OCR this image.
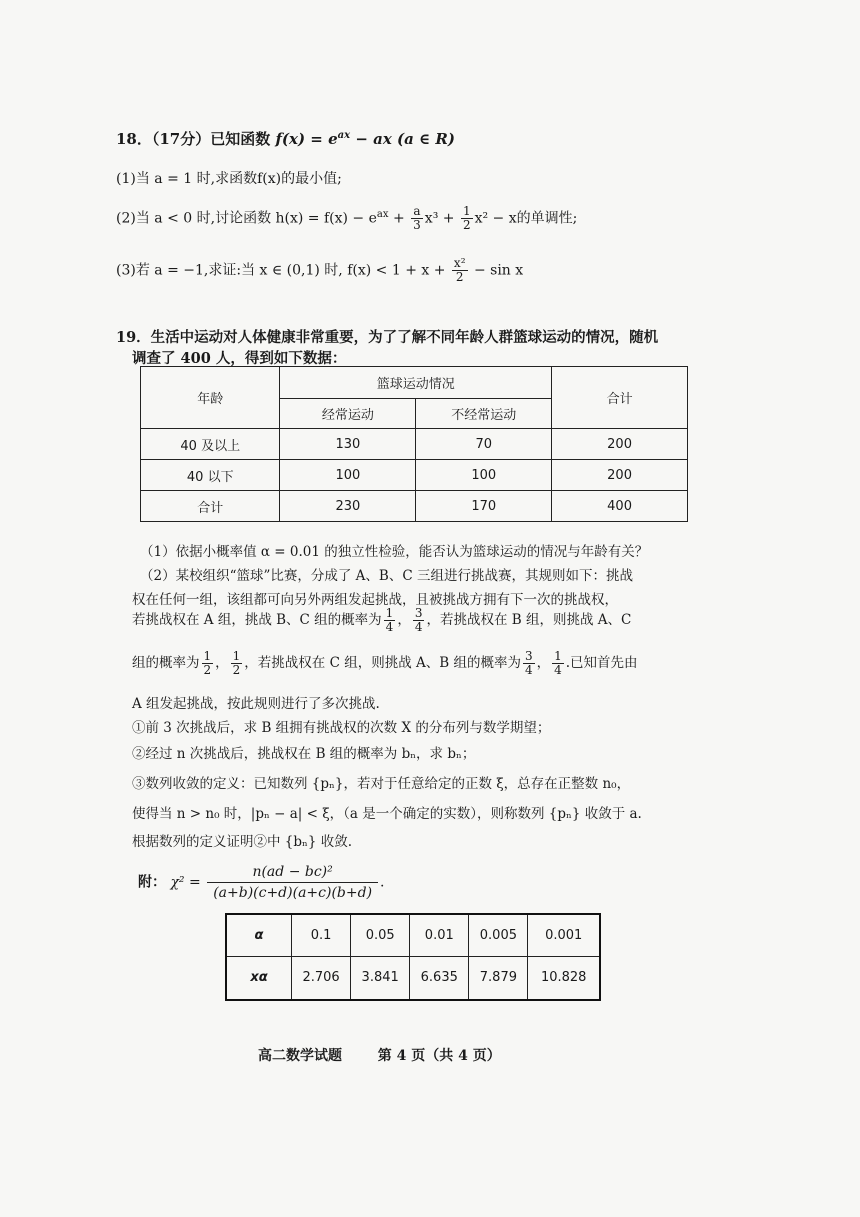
18．（17分）已知函数 $f(x) = e^{ax}$ − ax (a ∈ R)
(1)当 a = 1 时,求函数f(x)的最小值;
(2)当 a < 0 时,讨论函数 $h(x) = f(x) - e^{ax} + \frac{a}{3} x^3 + \frac{1}{2} x^2 - x$的单调性;
(3)若 a = −1,求证:当 x ∈ (0,1) 时, $f(x) < 1 + x + \frac{\text{x²}}{2} - \sin x$
19．生活中运动对人体健康非常重要，为了了解不同年龄人群篮球运动的情况，随机
调查了 400 人，得到如下数据：
年龄	篮球运动情况		合计
	经常运动	不经常运动	
40 及以上	130	70	200
40 以下	100	100	200
合计	230	170	400
（1）依据小概率值 α = 0.01 的独立性检验，能否认为篮球运动的情况与年龄有关？
（2）某校组织“篮球”比赛，分成了 A、B、C 三组进行挑战赛，其规则如下：挑战
权在任何一组，该组都可向另外两组发起挑战，且被挑战方拥有下一次的挑战权，
若挑战权在 A 组，挑战 B、C 组的概率为 $\frac{1}{4}$ ， $\frac{3}{4}$ ，若挑战权在 B 组，则挑战 A、C
组的概率为 $\frac{1}{2}$ ， $\frac{1}{2}$ ，若挑战权在 C 组，则挑战 A、B 组的概率为 $\frac{3}{4}$ ， $\frac{1}{4}$ .已知首先由
A 组发起挑战，按此规则进行了多次挑战.
①前 3 次挑战后，求 B 组拥有挑战权的次数 X 的分布列与数学期望；
②经过 n 次挑战后，挑战权在 B 组的概率为 bₙ，求 bₙ；
③数列收敛的定义：已知数列 {pₙ}，若对于任意给定的正数 ξ，总存在正整数 n₀，
使得当 n > n₀ 时，|pₙ − a| < ξ，（a 是一个确定的实数），则称数列 {pₙ} 收敛于 a.
根据数列的定义证明②中 {bₙ} 收敛.
附： $\chi^2 = \frac{\text{n(ad − bc)²}}{(a+b)(c+d)(a+c)(b+d)}$ .
α	0.1	0.05	0.01	0.005	0.001
xα	2.706	3.841	6.635	7.879	10.828
高二数学试题	第 4 页（共 4 页）
